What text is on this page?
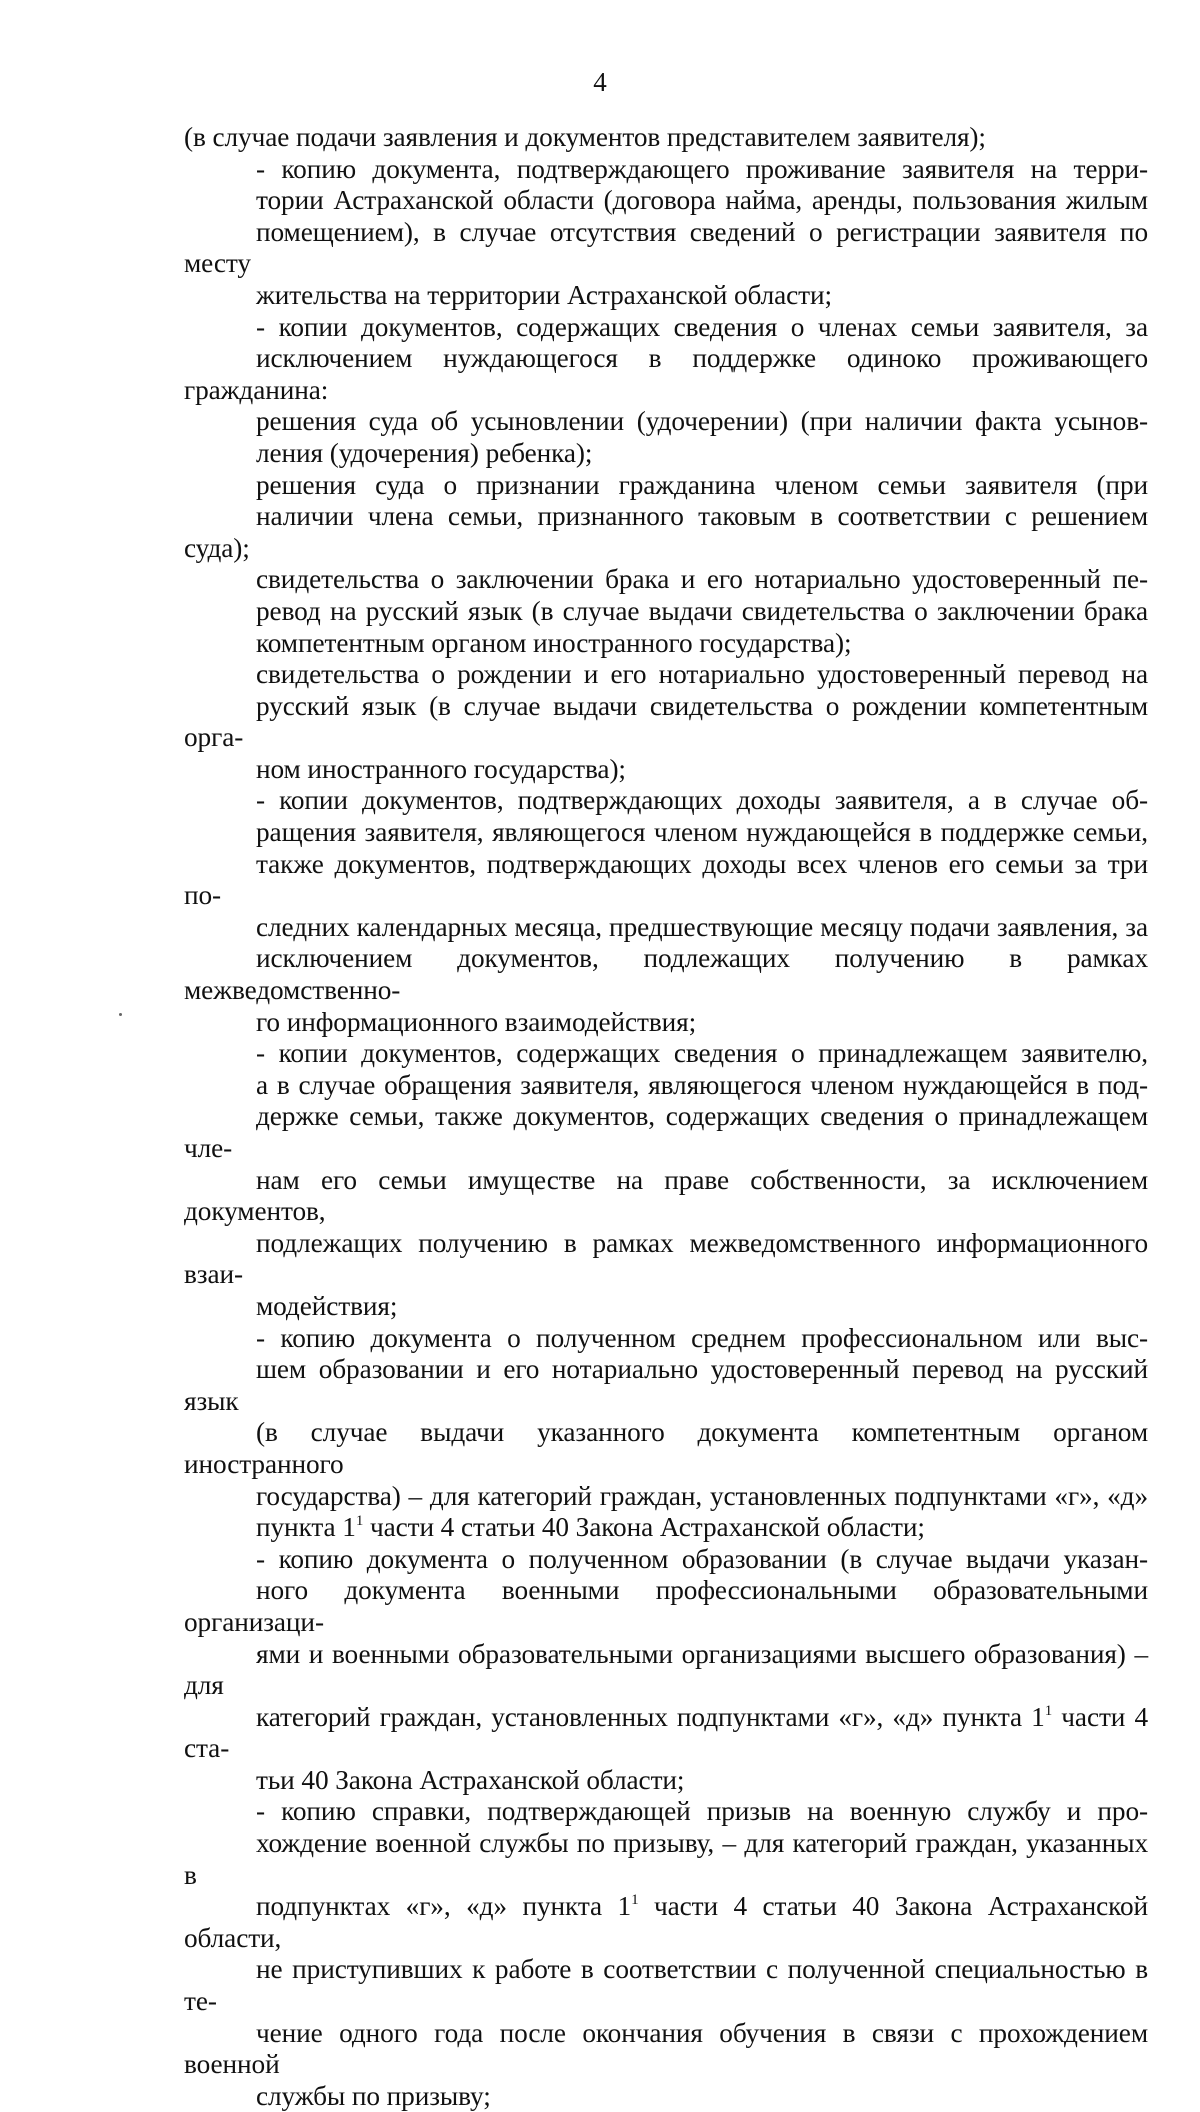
4
(в случае подачи заявления и документов представителем заявителя);
- копию документа, подтверждающего проживание заявителя на терри-
тории Астраханской области (договора найма, аренды, пользования жилым
помещением), в случае отсутствия сведений о регистрации заявителя по месту
жительства на территории Астраханской области;
- копии документов, содержащих сведения о членах семьи заявителя, за
исключением нуждающегося в поддержке одиноко проживающего гражданина:
решения суда об усыновлении (удочерении) (при наличии факта усынов-
ления (удочерения) ребенка);
решения суда о признании гражданина членом семьи заявителя (при
наличии члена семьи, признанного таковым в соответствии с решением суда);
свидетельства о заключении брака и его нотариально удостоверенный пе-
ревод на русский язык (в случае выдачи свидетельства о заключении брака
компетентным органом иностранного государства);
свидетельства о рождении и его нотариально удостоверенный перевод на
русский язык (в случае выдачи свидетельства о рождении компетентным орга-
ном иностранного государства);
- копии документов, подтверждающих доходы заявителя, а в случае об-
ращения заявителя, являющегося членом нуждающейся в поддержке семьи,
также документов, подтверждающих доходы всех членов его семьи за три по-
следних календарных месяца, предшествующие месяцу подачи заявления, за
исключением документов, подлежащих получению в рамках межведомственно-
го информационного взаимодействия;
- копии документов, содержащих сведения о принадлежащем заявителю,
а в случае обращения заявителя, являющегося членом нуждающейся в под-
держке семьи, также документов, содержащих сведения о принадлежащем чле-
нам его семьи имуществе на праве собственности, за исключением документов,
подлежащих получению в рамках межведомственного информационного взаи-
модействия;
- копию документа о полученном среднем профессиональном или выс-
шем образовании и его нотариально удостоверенный перевод на русский язык
(в случае выдачи указанного документа компетентным органом иностранного
государства) – для категорий граждан, установленных подпунктами «г», «д»
пункта $1^1$ части 4 статьи 40 Закона Астраханской области;
- копию документа о полученном образовании (в случае выдачи указан-
ного документа военными профессиональными образовательными организаци-
ями и военными образовательными организациями высшего образования) – для
категорий граждан, установленных подпунктами «г», «д» пункта $1^1$ части 4 ста-
тьи 40 Закона Астраханской области;
- копию справки, подтверждающей призыв на военную службу и про-
хождение военной службы по призыву, – для категорий граждан, указанных в
подпунктах «г», «д» пункта $1^1$ части 4 статьи 40 Закона Астраханской области,
не приступивших к работе в соответствии с полученной специальностью в те-
чение одного года после окончания обучения в связи с прохождением военной
службы по призыву;
